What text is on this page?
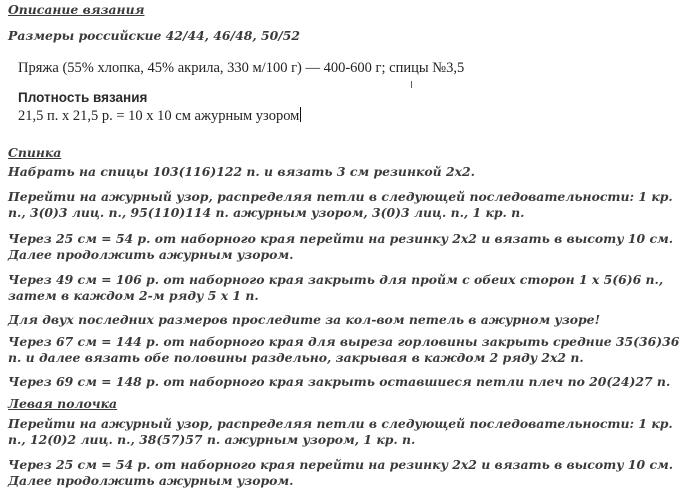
Описание вязания

Размеры российские 42/44, 46/48, 50/52

Пряжа (55% хлопка, 45% акрила, 330 м/100 г) — 400-600 г; спицы №3,5

Плотность вязания

21,5 п. х 21,5 р. = 10 х 10 см ажурным узором

I

Спинка

Набрать на спицы 103(116)122 п. и вязать 3 см резинкой 2х2.

Перейти на ажурный узор, распределяя петли в следующей последовательности: 1 кр. п., 3(0)3 лиц. п., 95(110)114 п. ажурным узором, 3(0)3 лиц. п., 1 кр. п.

Через 25 см = 54 р. от наборного края перейти на резинку 2х2 и вязать в высоту 10 см. Далее продолжить ажурным узором.

Через 49 см = 106 р. от наборного края закрыть для пройм с обеих сторон 1 х 5(6)6 п., затем в каждом 2-м ряду 5 х 1 п.

Для двух последних размеров проследите за кол-вом петель в ажурном узоре!

Через 67 см = 144 р. от наборного края для выреза горловины закрыть средние 35(36)36 п. и далее вязать обе половины раздельно, закрывая в каждом 2 ряду 2х2 п.

Через 69 см = 148 р. от наборного края закрыть оставшиеся петли плеч по 20(24)27 п.

Левая полочка

Перейти на ажурный узор, распределяя петли в следующей последовательности: 1 кр. п., 12(0)2 лиц. п., 38(57)57 п. ажурным узором, 1 кр. п.

Через 25 см = 54 р. от наборного края перейти на резинку 2х2 и вязать в высоту 10 см. Далее продолжить ажурным узором.
